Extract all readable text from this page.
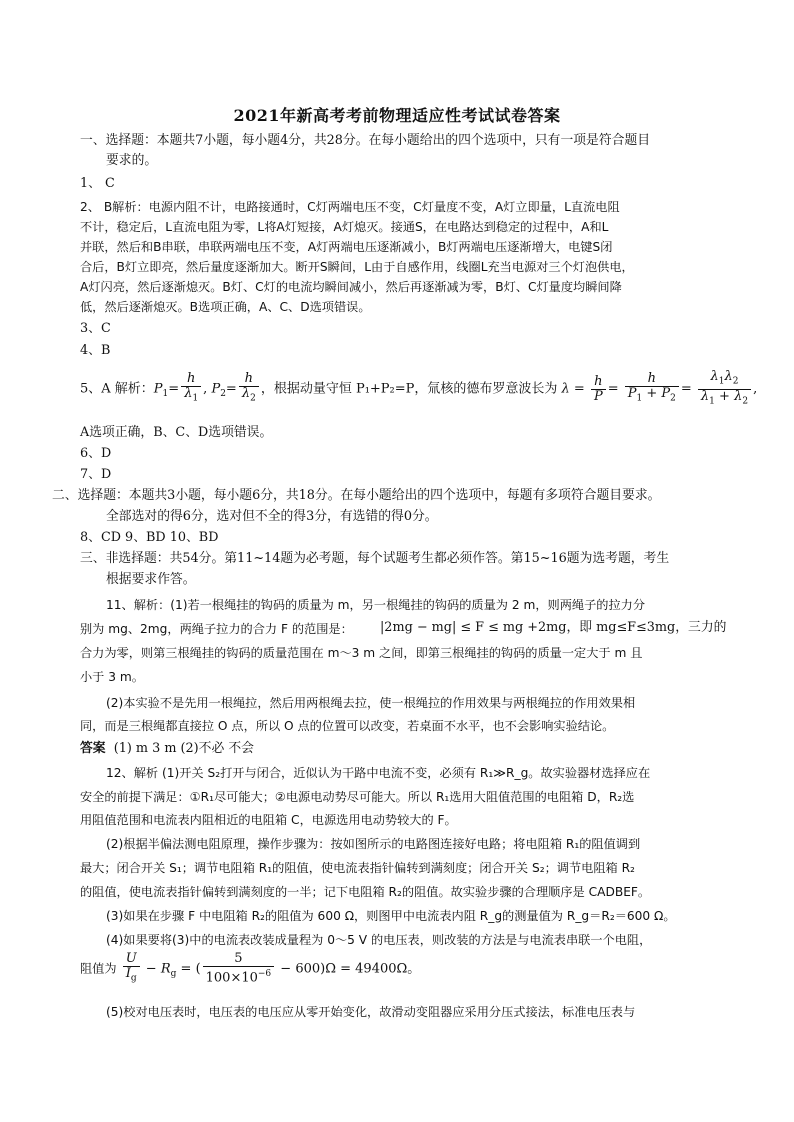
2021年新高考考前物理适应性考试试卷答案
一、选择题：本题共7小题，每小题4分，共28分。在每小题给出的四个选项中，只有一项是符合题目
要求的。
1、 C
2、 B解析：电源内阻不计，电路接通时，C灯两端电压不变，C灯量度不变，A灯立即量，L直流电阻
不计，稳定后，L直流电阻为零，L将A灯短接，A灯熄灭。接通S，在电路达到稳定的过程中，A和L
并联，然后和B串联，串联两端电压不变，A灯两端电压逐渐减小，B灯两端电压逐渐增大，电键S闭
合后，B灯立即亮，然后量度逐渐加大。断开S瞬间，L由于自感作用，线圈L充当电源对三个灯泡供电，
A灯闪亮，然后逐渐熄灭。B灯、C灯的电流均瞬间减小，然后再逐渐减为零，B灯、C灯量度均瞬间降
低，然后逐渐熄灭。B选项正确，A、C、D选项错误。
3、C
4、B
5、A 解析：$P_1= \frac{h}{\lambda_1}$ , $P_2= \frac{h}{\lambda_2}$ ，根据动量守恒 P₁+P₂=P，氚核的德布罗意波长为 $\lambda = \frac{h}{P} = \frac{h}{P_1 + P_2} = \frac{\lambda_1\lambda_2}{\lambda_1 + \lambda_2}$ ,
A选项正确，B、C、D选项错误。
6、D
7、D
二、选择题：本题共3小题，每小题6分，共18分。在每小题给出的四个选项中，每题有多项符合题目要求。
全部选对的得6分，选对但不全的得3分，有选错的得0分。
8、CD 9、BD 10、BD
三、非选择题：共54分。第11~14题为必考题，每个试题考生都必须作答。第15~16题为选考题，考生
根据要求作答。
11、解析：(1)若一根绳挂的钩码的质量为 m，另一根绳挂的钩码的质量为 2 m，则两绳子的拉力分
别为 mg、2mg，两绳子拉力的合力 F 的范围是： |2mg − mg| ≤ F ≤ mg +2mg，即 mg≤F≤3mg，三力的
合力为零，则第三根绳挂的钩码的质量范围在 m～3 m 之间，即第三根绳挂的钩码的质量一定大于 m 且
小于 3 m。
(2)本实验不是先用一根绳拉，然后用两根绳去拉，使一根绳拉的作用效果与两根绳拉的作用效果相
同，而是三根绳都直接拉 O 点，所以 O 点的位置可以改变，若桌面不水平，也不会影响实验结论。
答案 (1) m 3 m (2)不必 不会
12、解析 (1)开关 S₂打开与闭合，近似认为干路中电流不变，必须有 R₁≫R_g。故实验器材选择应在
安全的前提下满足：①R₁尽可能大；②电源电动势尽可能大。所以 R₁选用大阻值范围的电阻箱 D，R₂选
用阻值范围和电流表内阻相近的电阻箱 C，电源选用电动势较大的 F。
(2)根据半偏法测电阻原理，操作步骤为：按如图所示的电路图连接好电路；将电阻箱 R₁的阻值调到
最大；闭合开关 S₁；调节电阻箱 R₁的阻值，使电流表指针偏转到满刻度；闭合开关 S₂；调节电阻箱 R₂
的阻值，使电流表指针偏转到满刻度的一半；记下电阻箱 R₂的阻值。故实验步骤的合理顺序是 CADBEF。
(3)如果在步骤 F 中电阻箱 R₂的阻值为 600 Ω，则图甲中电流表内阻 R_g的测量值为 R_g＝R₂＝600 Ω。
(4)如果要将(3)中的电流表改装成量程为 0～5 V 的电压表，则改装的方法是与电流表串联一个电阻，
阻值为 $\frac{U}{I_g} - R_g$ = ( $\frac{5}{100\times 10^{-6}} - 600)\Omega = 49400\Omega$。
(5)校对电压表时，电压表的电压应从零开始变化，故滑动变阻器应采用分压式接法，标准电压表与
